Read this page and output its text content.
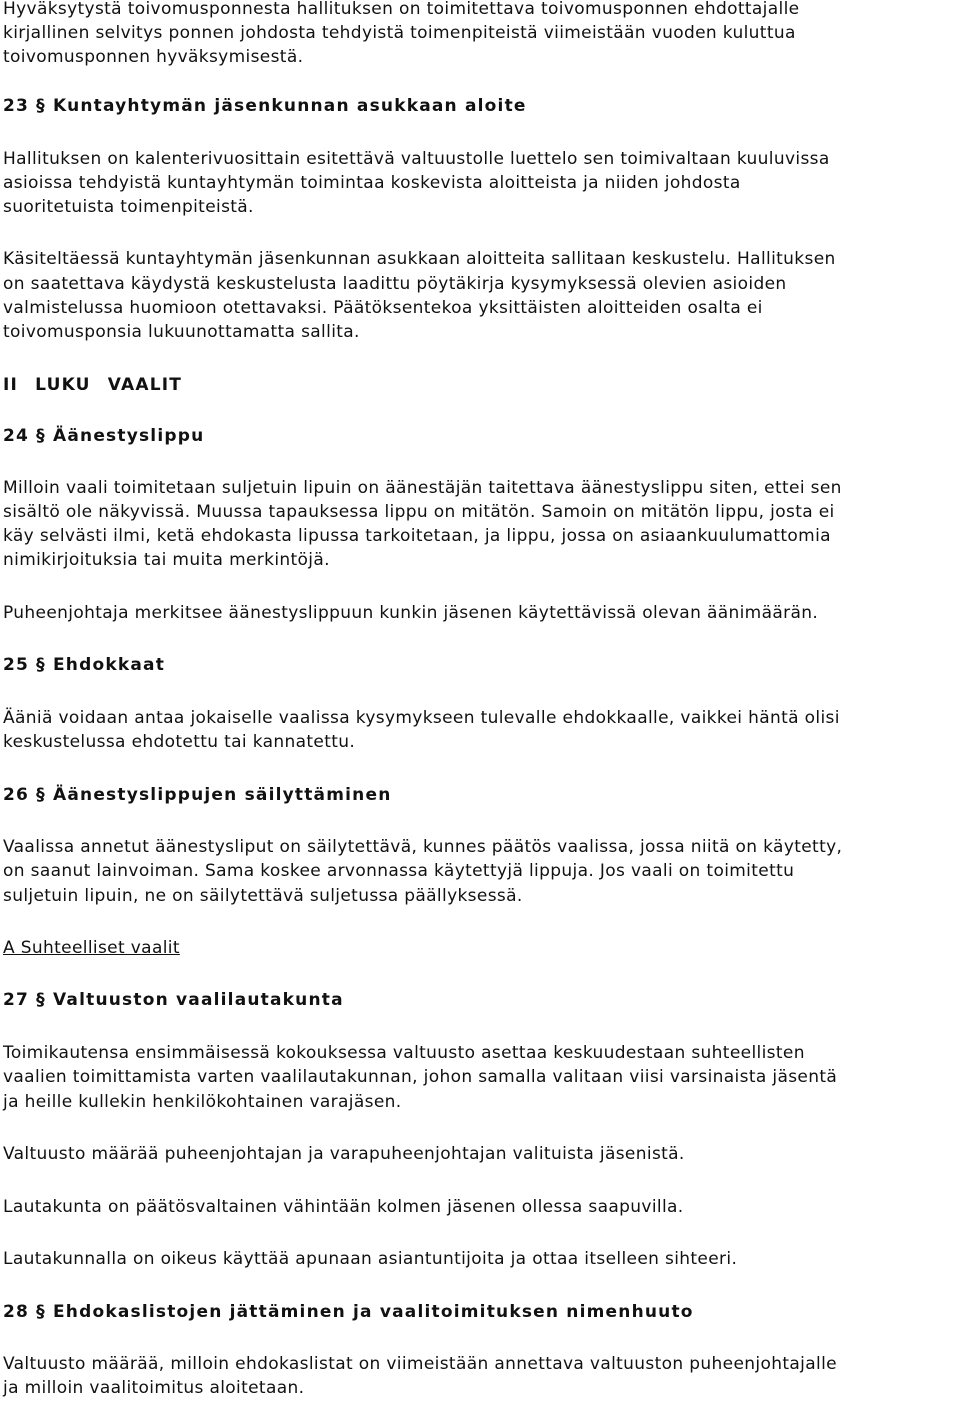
Hyväksytystä toivomusponnesta hallituksen on toimitettava toivomusponnen ehdottajalle
kirjallinen selvitys ponnen johdosta tehdyistä toimenpiteistä viimeistään vuoden kuluttua
toivomusponnen hyväksymisestä.
23 § Kuntayhtymän jäsenkunnan asukkaan aloite
Hallituksen on kalenterivuosittain esitettävä valtuustolle luettelo sen toimivaltaan kuuluvissa
asioissa tehdyistä kuntayhtymän toimintaa koskevista aloitteista ja niiden johdosta
suoritetuista toimenpiteistä.
Käsiteltäessä kuntayhtymän jäsenkunnan asukkaan aloitteita sallitaan keskustelu. Hallituksen
on saatettava käydystä keskustelusta laadittu pöytäkirja kysymyksessä olevien asioiden
valmistelussa huomioon otettavaksi. Päätöksentekoa yksittäisten aloitteiden osalta ei
toivomusponsia lukuunottamatta sallita.
II LUKU VAALIT
24 § Äänestyslippu
Milloin vaali toimitetaan suljetuin lipuin on äänestäjän taitettava äänestyslippu siten, ettei sen
sisältö ole näkyvissä. Muussa tapauksessa lippu on mitätön. Samoin on mitätön lippu, josta ei
käy selvästi ilmi, ketä ehdokasta lipussa tarkoitetaan, ja lippu, jossa on asiaankuulumattomia
nimikirjoituksia tai muita merkintöjä.
Puheenjohtaja merkitsee äänestyslippuun kunkin jäsenen käytettävissä olevan äänimäärän.
25 § Ehdokkaat
Ääniä voidaan antaa jokaiselle vaalissa kysymykseen tulevalle ehdokkaalle, vaikkei häntä olisi
keskustelussa ehdotettu tai kannatettu.
26 § Äänestyslippujen säilyttäminen
Vaalissa annetut äänestysliput on säilytettävä, kunnes päätös vaalissa, jossa niitä on käytetty,
on saanut lainvoiman. Sama koskee arvonnassa käytettyjä lippuja. Jos vaali on toimitettu
suljetuin lipuin, ne on säilytettävä suljetussa päällyksessä.
A Suhteelliset vaalit
27 § Valtuuston vaalilautakunta
Toimikautensa ensimmäisessä kokouksessa valtuusto asettaa keskuudestaan suhteellisten
vaalien toimittamista varten vaalilautakunnan, johon samalla valitaan viisi varsinaista jäsentä
ja heille kullekin henkilökohtainen varajäsen.
Valtuusto määrää puheenjohtajan ja varapuheenjohtajan valituista jäsenistä.
Lautakunta on päätösvaltainen vähintään kolmen jäsenen ollessa saapuvilla.
Lautakunnalla on oikeus käyttää apunaan asiantuntijoita ja ottaa itselleen sihteeri.
28 § Ehdokaslistojen jättäminen ja vaalitoimituksen nimenhuuto
Valtuusto määrää, milloin ehdokaslistat on viimeistään annettava valtuuston puheenjohtajalle
ja milloin vaalitoimitus aloitetaan.
